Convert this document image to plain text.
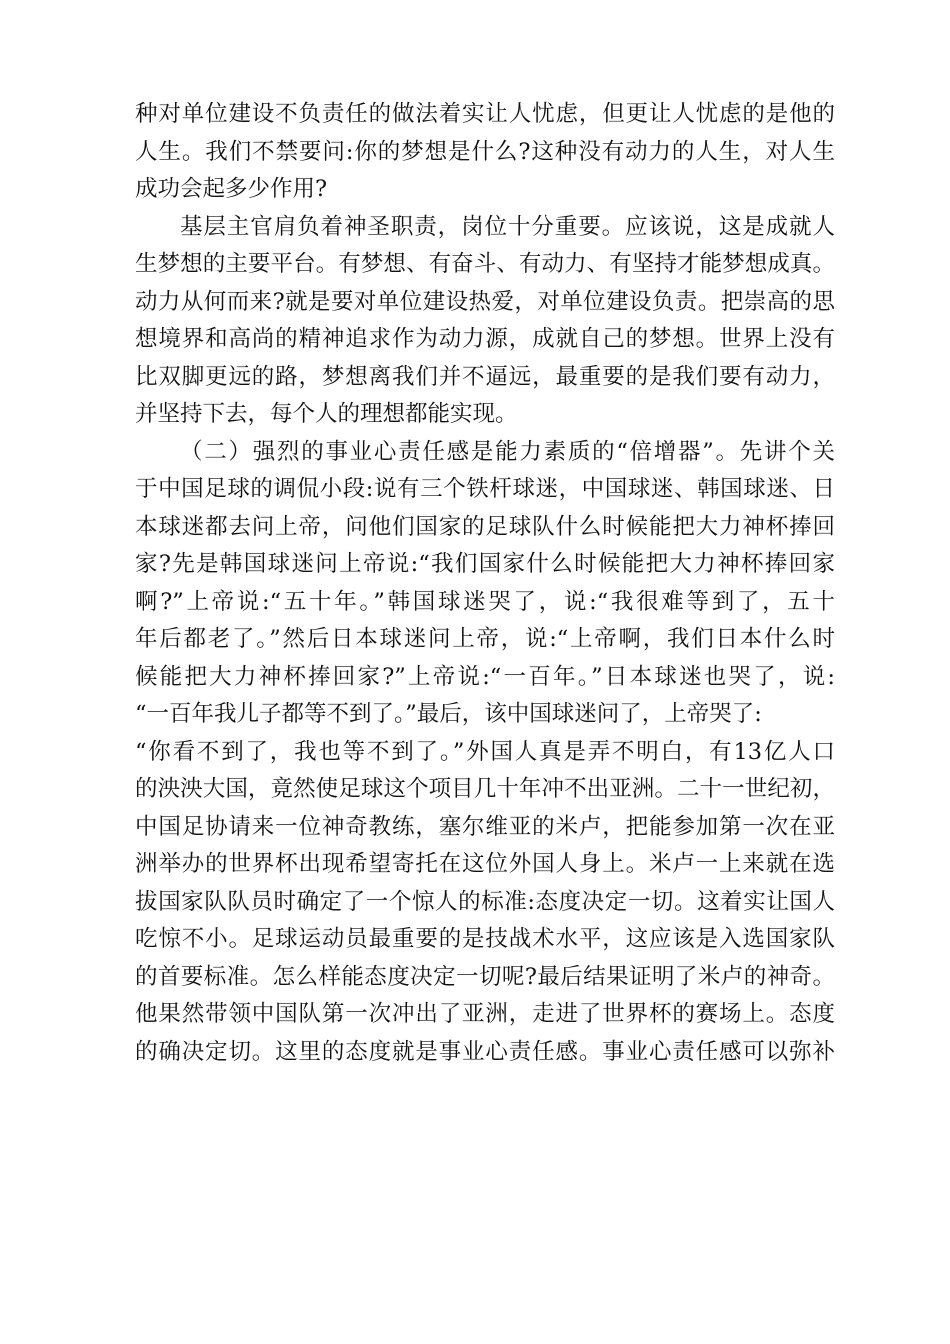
种对单位建设不负责任的做法着实让人忧虑，但更让人忧虑的是他的
人生。我们不禁要问:你的梦想是什么?这种没有动力的人生，对人生
成功会起多少作用?
基层主官肩负着神圣职责，岗位十分重要。应该说，这是成就人
生梦想的主要平台。有梦想、有奋斗、有动力、有坚持才能梦想成真。
动力从何而来?就是要对单位建设热爱，对单位建设负责。把崇高的思
想境界和高尚的精神追求作为动力源，成就自己的梦想。世界上没有
比双脚更远的路，梦想离我们并不逼远，最重要的是我们要有动力，
并坚持下去，每个人的理想都能实现。
（二）强烈的事业心责任感是能力素质的“倍增器”。先讲个关
于中国足球的调侃小段:说有三个铁杆球迷，中国球迷、韩国球迷、日
本球迷都去问上帝，问他们国家的足球队什么时候能把大力神杯捧回
家?先是韩国球迷问上帝说:“我们国家什么时候能把大力神杯捧回家
啊?”上帝说:“五十年。”韩国球迷哭了，说:“我很难等到了，五十
年后都老了。”然后日本球迷问上帝，说:“上帝啊，我们日本什么时
候能把大力神杯捧回家?”上帝说:“一百年。”日本球迷也哭了，说:
“一百年我儿子都等不到了。”最后，该中国球迷问了，上帝哭了:
“你看不到了，我也等不到了。”外国人真是弄不明白，有13亿人口
的泱泱大国，竟然使足球这个项目几十年冲不出亚洲。二十一世纪初，
中国足协请来一位神奇教练，塞尔维亚的米卢，把能参加第一次在亚
洲举办的世界杯出现希望寄托在这位外国人身上。米卢一上来就在选
拔国家队队员时确定了一个惊人的标准:态度决定一切。这着实让国人
吃惊不小。足球运动员最重要的是技战术水平，这应该是入选国家队
的首要标准。怎么样能态度决定一切呢?最后结果证明了米卢的神奇。
他果然带领中国队第一次冲出了亚洲，走进了世界杯的赛场上。态度
的确决定切。这里的态度就是事业心责任感。事业心责任感可以弥补
